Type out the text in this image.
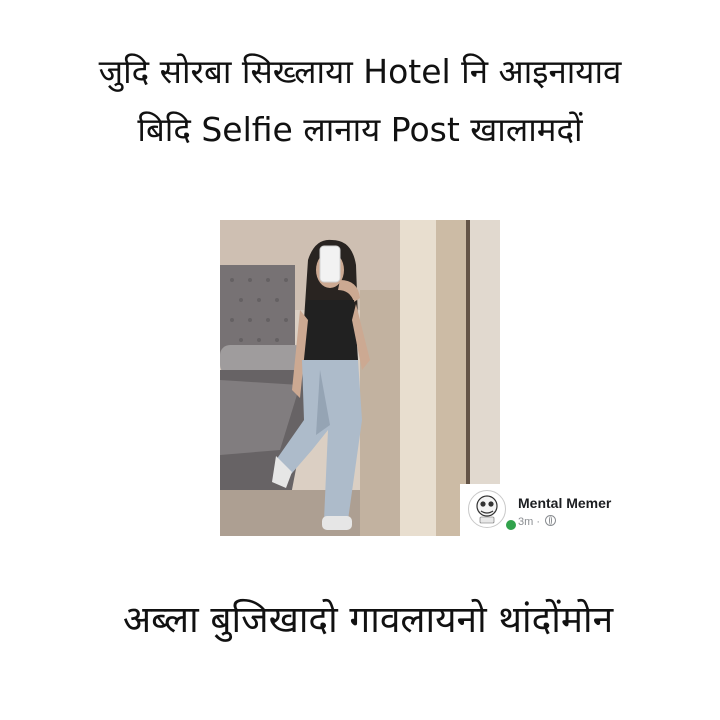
जुदि सोरबा सिख्लाया Hotel नि आइनायाव
बिदि Selfie लानाय Post खालामदों
Mental Memer
3m ·
अब्ला बुजिखादो गावलायनो थांदोंमोन
